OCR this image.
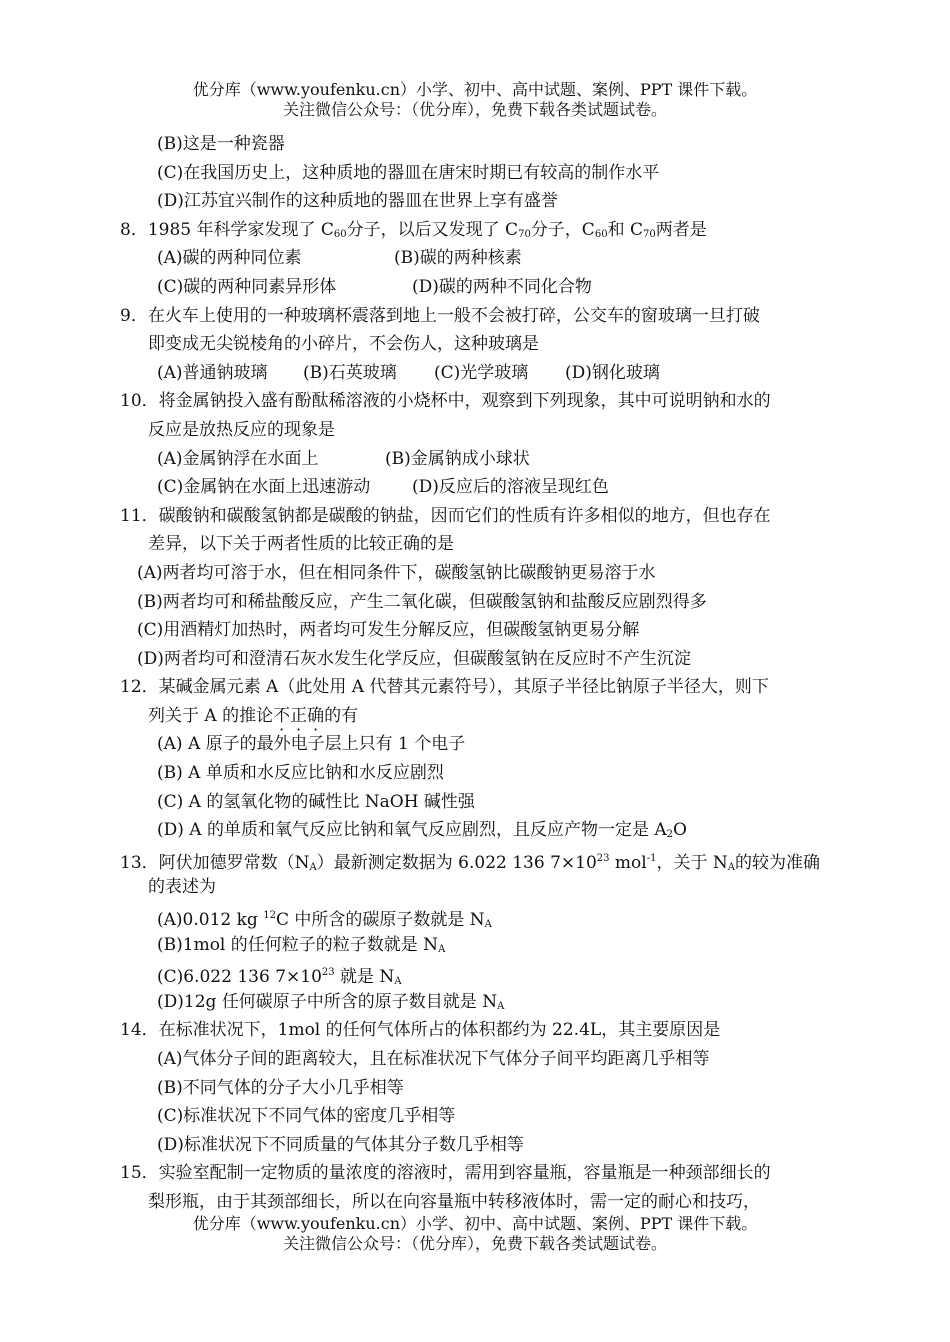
优分库（www.youfenku.cn）小学、初中、高中试题、案例、PPT 课件下载。
关注微信公众号：（优分库），免费下载各类试题试卷。
(B)这是一种瓷器
(C)在我国历史上，这种质地的器皿在唐宋时期已有较高的制作水平
(D)江苏宜兴制作的这种质地的器皿在世界上享有盛誉
8．1985 年科学家发现了 $C_{60}$分子，以后又发现了 $C_{70}$分子，$C_{60}$和 $C_{70}$两者是
(A)碳的两种同位素	(B)碳的两种核素
(C)碳的两种同素异形体	(D)碳的两种不同化合物
9．在火车上使用的一种玻璃杯震落到地上一般不会被打碎，公交车的窗玻璃一旦打破
即变成无尖锐棱角的小碎片，不会伤人，这种玻璃是
(A)普通钠玻璃 (B)石英玻璃 (C)光学玻璃 (D)钢化玻璃
10．将金属钠投入盛有酚酞稀溶液的小烧杯中，观察到下列现象，其中可说明钠和水的
反应是放热反应的现象是
(A)金属钠浮在水面上	(B)金属钠成小球状
(C)金属钠在水面上迅速游动 (D)反应后的溶液呈现红色
11．碳酸钠和碳酸氢钠都是碳酸的钠盐，因而它们的性质有许多相似的地方，但也存在
差异，以下关于两者性质的比较正确的是
(A)两者均可溶于水，但在相同条件下，碳酸氢钠比碳酸钠更易溶于水
(B)两者均可和稀盐酸反应，产生二氧化碳，但碳酸氢钠和盐酸反应剧烈得多
(C)用酒精灯加热时，两者均可发生分解反应，但碳酸氢钠更易分解
(D)两者均可和澄清石灰水发生化学反应，但碳酸氢钠在反应时不产生沉淀
12．某碱金属元素 A（此处用 A 代替其元素符号），其原子半径比钠原子半径大，则下
列关于 A 的推论不正确的有
(A) A 原子的最外电子层上只有 1 个电子
(B) A 单质和水反应比钠和水反应剧烈
(C) A 的氢氧化物的碱性比 NaOH 碱性强
(D) A 的单质和氧气反应比钠和氧气反应剧烈，且反应产物一定是 $A_2O$
13．阿伏加德罗常数$(N_A)$最新测定数据为 6.022 136 $7\times 10^{23}$ mol$^{-1}$，关于 $N_A$的较为准确
的表述为
(A)0.012 kg $^{12}$C 中所含的碳原子数就是 $N_A$
(B)1mol 的任何粒子的粒子数就是 $N_A$
(C)6.022 136 $7\times 10^{23}$ 就是 $N_A$
(D)12g 任何碳原子中所含的原子数目就是 $N_A$
14．在标准状况下，1mol 的任何气体所占的体积都约为 22.4L，其主要原因是
(A)气体分子间的距离较大，且在标准状况下气体分子间平均距离几乎相等
(B)不同气体的分子大小几乎相等
(C)标准状况下不同气体的密度几乎相等
(D)标准状况下不同质量的气体其分子数几乎相等
15．实验室配制一定物质的量浓度的溶液时，需用到容量瓶，容量瓶是一种颈部细长的
梨形瓶，由于其颈部细长，所以在向容量瓶中转移液体时，需一定的耐心和技巧，
优分库（www.youfenku.cn）小学、初中、高中试题、案例、PPT 课件下载。
关注微信公众号：（优分库），免费下载各类试题试卷。
